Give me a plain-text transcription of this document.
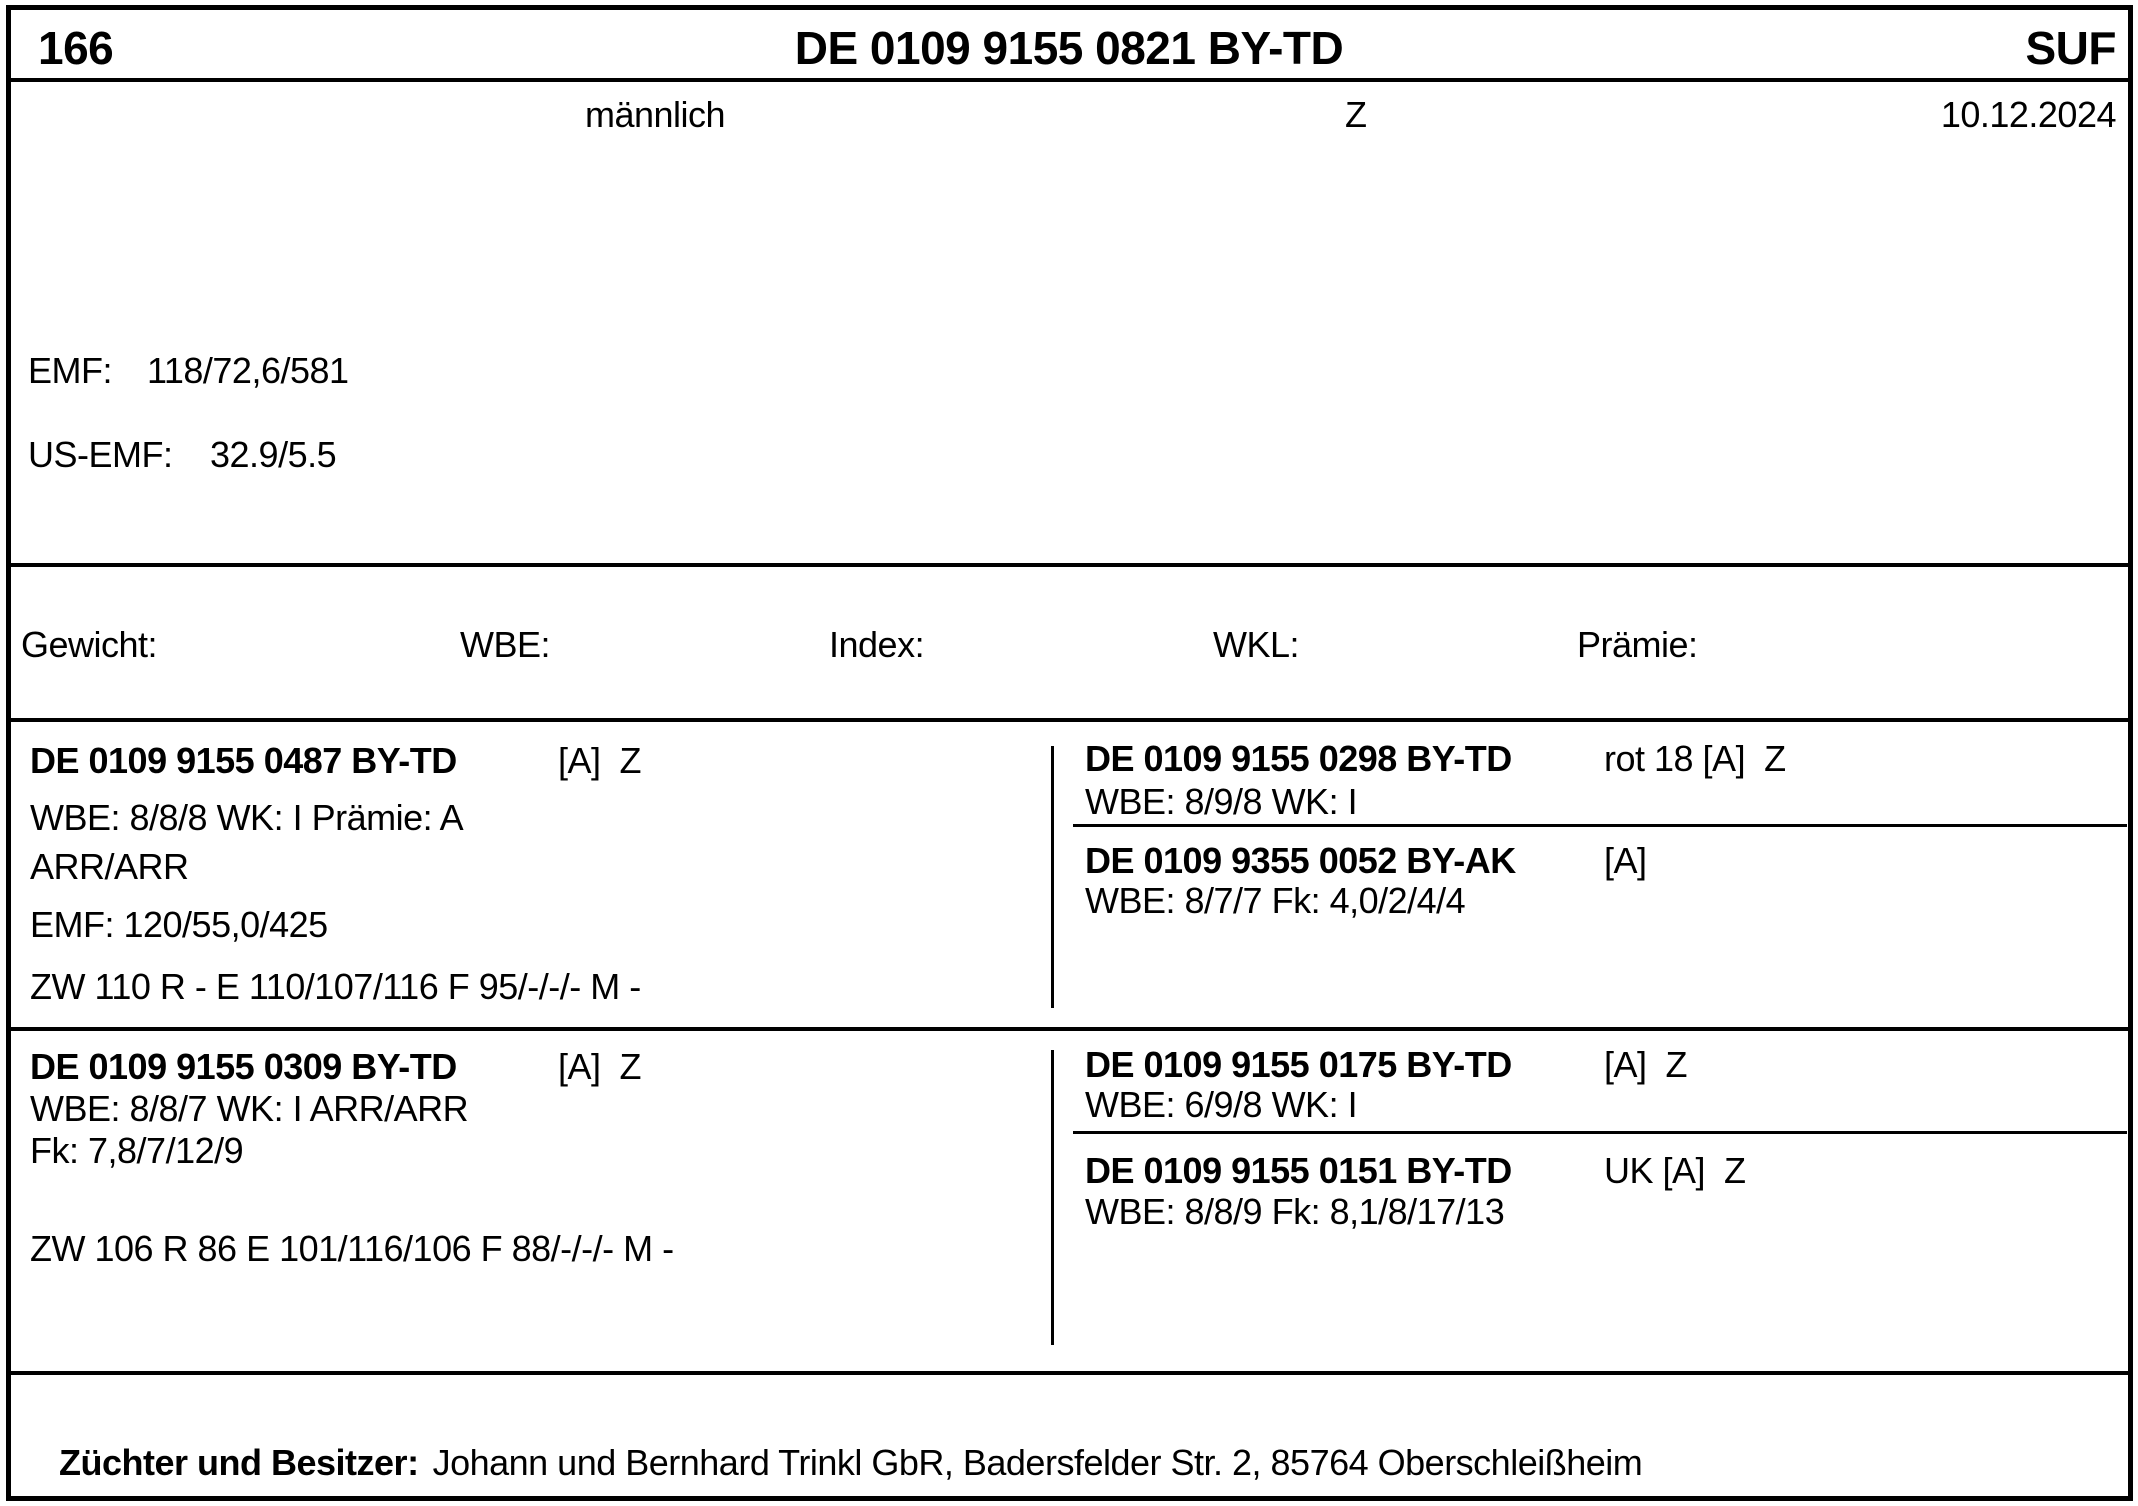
166	DE 0109 9155 0821 BY-TD	SUF
männlich	Z	10.12.2024
EMF: 118/72,6/581
US-EMF: 32.9/5.5
Gewicht:	WBE:	Index:	WKL:	Prämie:
DE 0109 9155 0487 BY-TD	[A]  Z
WBE: 8/8/8 WK: I Prämie: A
ARR/ARR
EMF: 120/55,0/425
ZW 110 R - E 110/107/116 F 95/-/-/- M -
DE 0109 9155 0298 BY-TD	rot 18 [A]  Z
WBE: 8/9/8 WK: I
DE 0109 9355 0052 BY-AK [A]
WBE: 8/7/7 Fk: 4,0/2/4/4
DE 0109 9155 0309 BY-TD	[A]  Z
WBE: 8/8/7 WK: I ARR/ARR
Fk: 7,8/7/12/9
ZW 106 R 86 E 101/116/106 F 88/-/-/- M -
DE 0109 9155 0175 BY-TD	[A]  Z
WBE: 6/9/8 WK: I
DE 0109 9155 0151 BY-TD	UK [A]  Z
WBE: 8/8/9 Fk: 8,1/8/17/13

Züchter und Besitzer: Johann und Bernhard Trinkl GbR, Badersfelder Str. 2, 85764 Oberschleißheim
